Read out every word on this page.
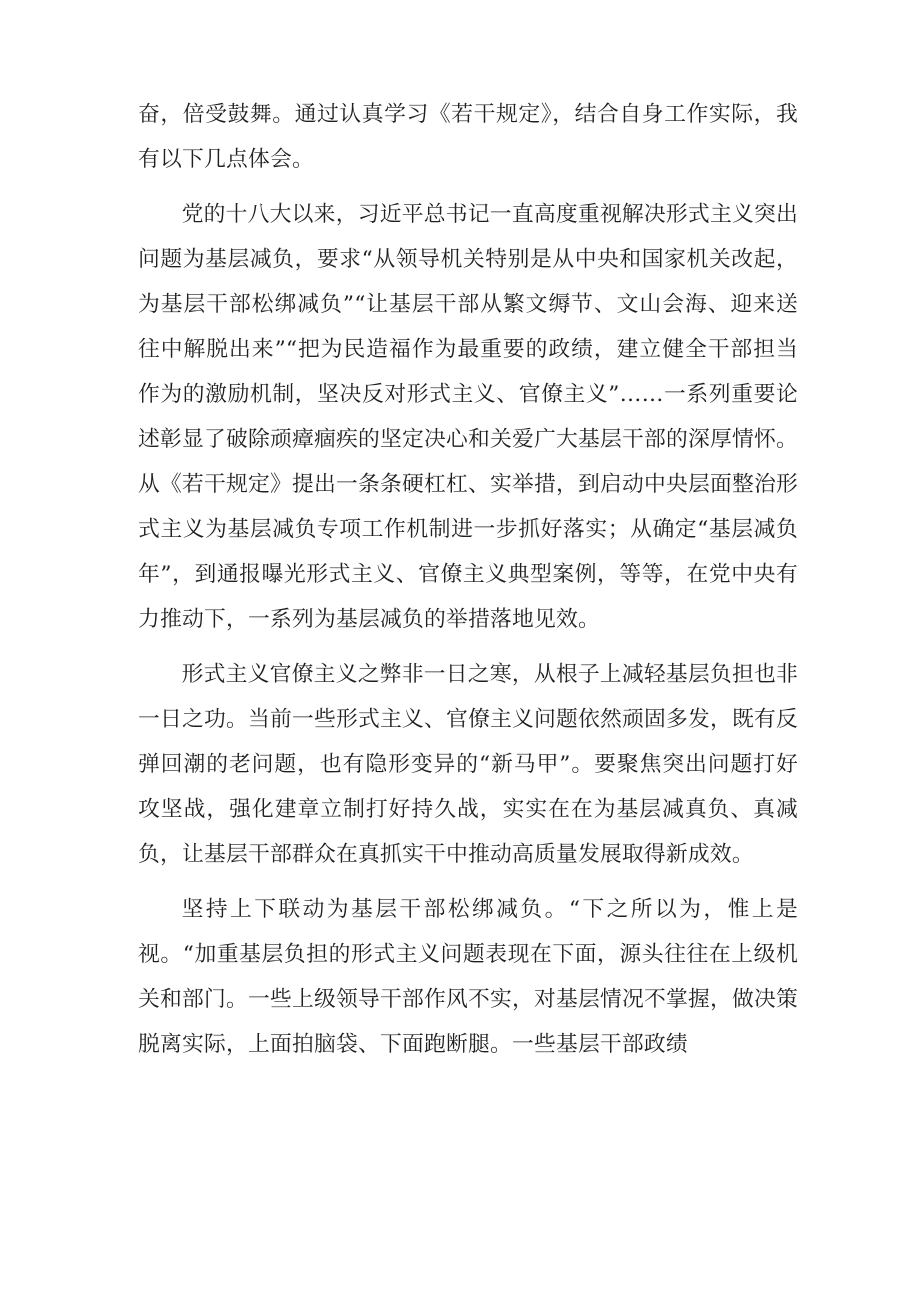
奋，倍受鼓舞。通过认真学习《若干规定》，结合自身工作实际，我有以下几点体会。

党的十八大以来，习近平总书记一直高度重视解决形式主义突出问题为基层减负，要求“从领导机关特别是从中央和国家机关改起，为基层干部松绑减负”“让基层干部从繁文缛节、文山会海、迎来送往中解脱出来”“把为民造福作为最重要的政绩，建立健全干部担当作为的激励机制，坚决反对形式主义、官僚主义”……一系列重要论述彰显了破除顽瘴痼疾的坚定决心和关爱广大基层干部的深厚情怀。从《若干规定》提出一条条硬杠杠、实举措，到启动中央层面整治形式主义为基层减负专项工作机制进一步抓好落实；从确定“基层减负年”，到通报曝光形式主义、官僚主义典型案例，等等，在党中央有力推动下，一系列为基层减负的举措落地见效。

形式主义官僚主义之弊非一日之寒，从根子上减轻基层负担也非一日之功。当前一些形式主义、官僚主义问题依然顽固多发，既有反弹回潮的老问题，也有隐形变异的“新马甲”。要聚焦突出问题打好攻坚战，强化建章立制打好持久战，实实在在为基层减真负、真减负，让基层干部群众在真抓实干中推动高质量发展取得新成效。

坚持上下联动为基层干部松绑减负。“下之所以为，惟上是视。“加重基层负担的形式主义问题表现在下面，源头往往在上级机关和部门。一些上级领导干部作风不实，对基层情况不掌握，做决策脱离实际，上面拍脑袋、下面跑断腿。一些基层干部政绩
